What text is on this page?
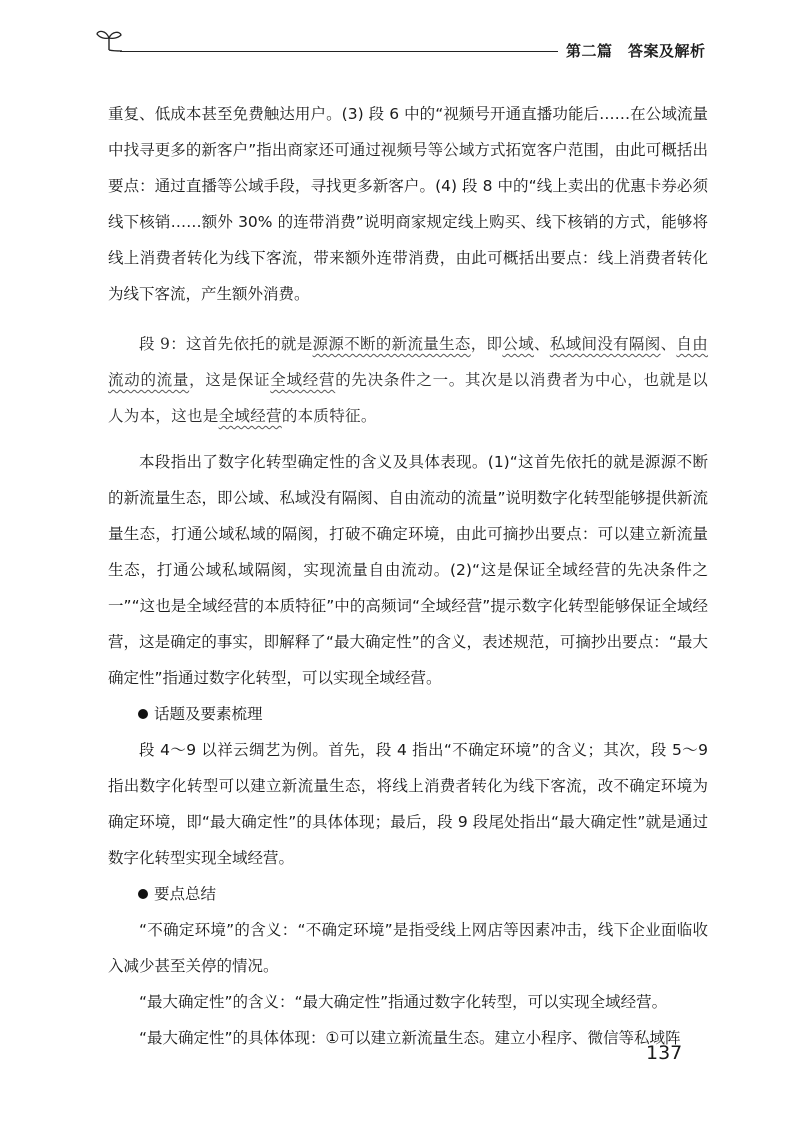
第二篇　答案及解析

重复、低成本甚至免费触达用户。(3) 段 6 中的“视频号开通直播功能后……在公域流量中找寻更多的新客户”指出商家还可通过视频号等公域方式拓宽客户范围，由此可概括出要点：通过直播等公域手段，寻找更多新客户。(4) 段 8 中的“线上卖出的优惠卡券必须线下核销……额外 30% 的连带消费”说明商家规定线上购买、线下核销的方式，能够将线上消费者转化为线下客流，带来额外连带消费，由此可概括出要点：线上消费者转化为线下客流，产生额外消费。

段 9：这首先依托的就是源源不断的新流量生态，即公域、私域间没有隔阂、自由流动的流量，这是保证全域经营的先决条件之一。其次是以消费者为中心，也就是以人为本，这也是全域经营的本质特征。

本段指出了数字化转型确定性的含义及具体表现。(1)“这首先依托的就是源源不断的新流量生态，即公域、私域没有隔阂、自由流动的流量”说明数字化转型能够提供新流量生态，打通公域私域的隔阂，打破不确定环境，由此可摘抄出要点：可以建立新流量生态，打通公域私域隔阂，实现流量自由流动。(2)“这是保证全域经营的先决条件之一”“这也是全域经营的本质特征”中的高频词“全域经营”提示数字化转型能够保证全域经营，这是确定的事实，即解释了“最大确定性”的含义，表述规范，可摘抄出要点：“最大确定性”指通过数字化转型，可以实现全域经营。

话题及要素梳理

段 4～9 以祥云绸艺为例。首先，段 4 指出“不确定环境”的含义；其次，段 5～9 指出数字化转型可以建立新流量生态，将线上消费者转化为线下客流，改不确定环境为确定环境，即“最大确定性”的具体体现；最后，段 9 段尾处指出“最大确定性”就是通过数字化转型实现全域经营。

要点总结

“不确定环境”的含义：“不确定环境”是指受线上网店等因素冲击，线下企业面临收入减少甚至关停的情况。

“最大确定性”的含义：“最大确定性”指通过数字化转型，可以实现全域经营。

“最大确定性”的具体体现：①可以建立新流量生态。建立小程序、微信等私域阵

137
